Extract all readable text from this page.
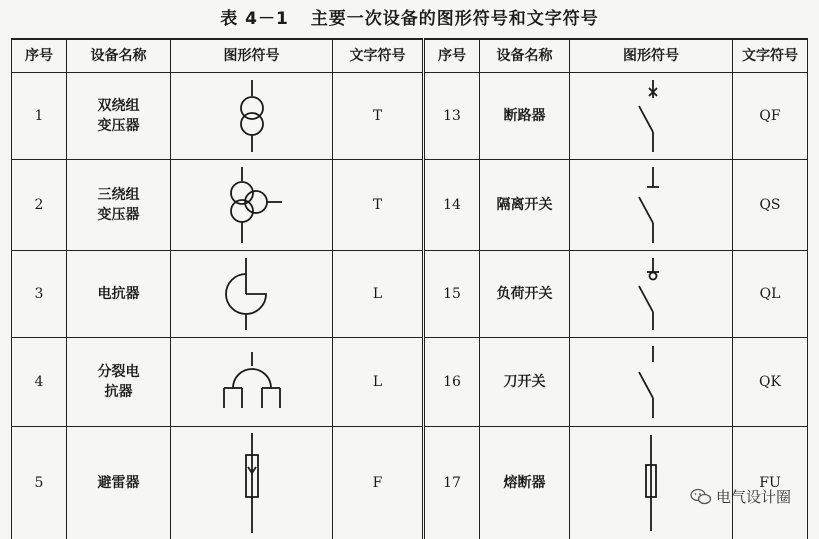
表 4－1 主要一次设备的图形符号和文字符号
序号	设备名称	图形符号	文字符号	序号	设备名称	图形符号	文字符号
1	双绕组变压器		T	13	断路器		QF
2	三绕组变压器		T	14	隔离开关		QS
3	电抗器		L	15	负荷开关		QL
4	分裂电抗器		L	16	刀开关		QK
5	避雷器		F	17	熔断器		FU
电气设计圈
